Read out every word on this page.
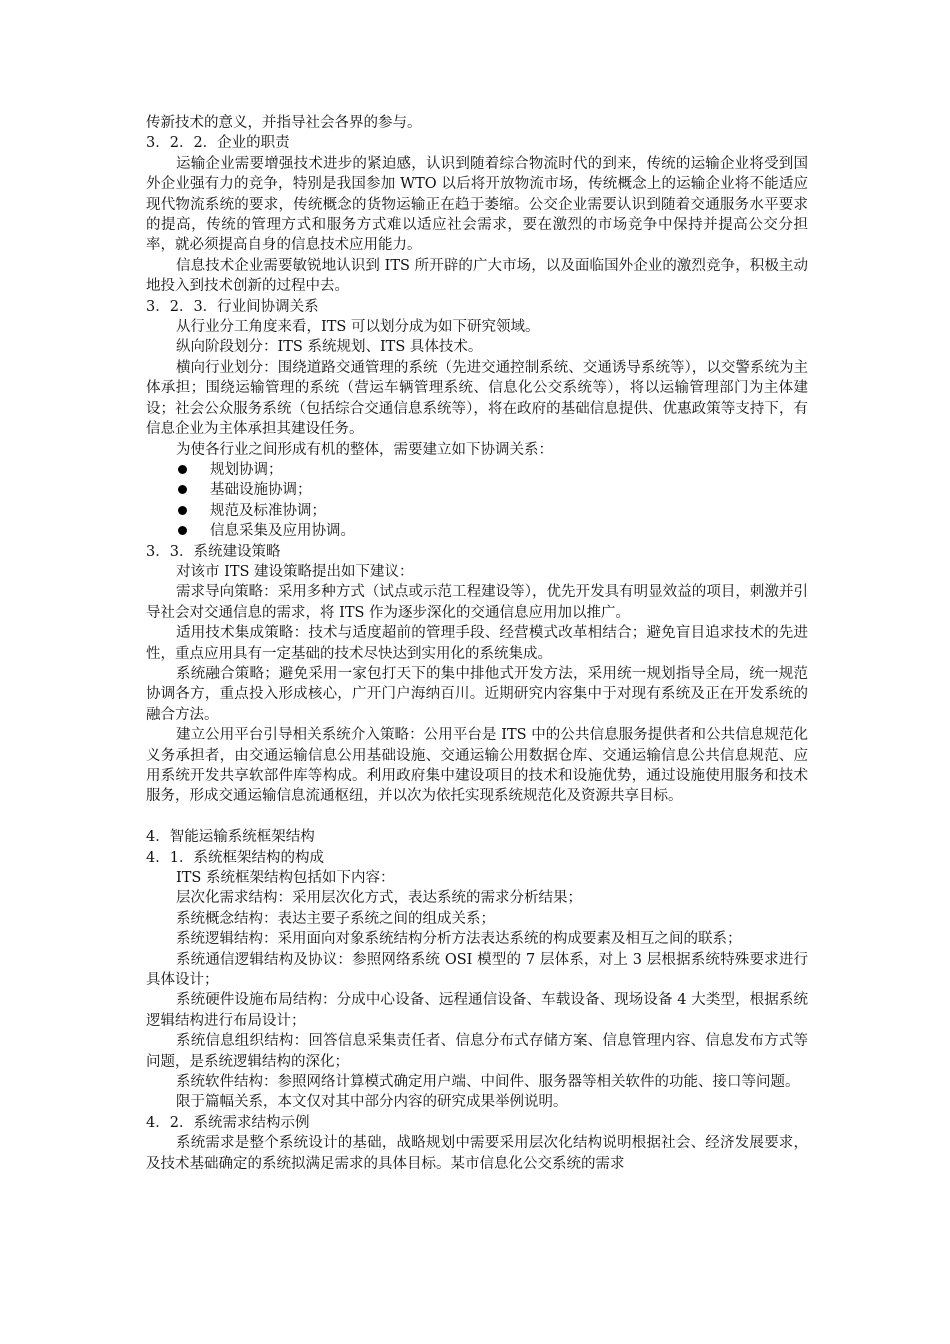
传新技术的意义，并指导社会各界的参与。

3．2．2．企业的职责

运输企业需要增强技术进步的紧迫感，认识到随着综合物流时代的到来，传统的运输企业将受到国外企业强有力的竞争，特别是我国参加 WTO 以后将开放物流市场，传统概念上的运输企业将不能适应现代物流系统的要求，传统概念的货物运输正在趋于萎缩。公交企业需要认识到随着交通服务水平要求的提高，传统的管理方式和服务方式难以适应社会需求，要在激烈的市场竞争中保持并提高公交分担率，就必须提高自身的信息技术应用能力。

信息技术企业需要敏锐地认识到 ITS 所开辟的广大市场，以及面临国外企业的激烈竞争，积极主动地投入到技术创新的过程中去。

3．2．3．行业间协调关系

从行业分工角度来看，ITS 可以划分成为如下研究领域。

纵向阶段划分：ITS 系统规划、ITS 具体技术。

横向行业划分：围绕道路交通管理的系统（先进交通控制系统、交通诱导系统等），以交警系统为主体承担；围绕运输管理的系统（营运车辆管理系统、信息化公交系统等），将以运输管理部门为主体建设；社会公众服务系统（包括综合交通信息系统等），将在政府的基础信息提供、优惠政策等支持下，有信息企业为主体承担其建设任务。

为使各行业之间形成有机的整体，需要建立如下协调关系：

规划协调；
基础设施协调；
规范及标准协调；
信息采集及应用协调。

3．3．系统建设策略

对该市 ITS 建设策略提出如下建议：

需求导向策略：采用多种方式（试点或示范工程建设等），优先开发具有明显效益的项目，刺激并引导社会对交通信息的需求，将 ITS 作为逐步深化的交通信息应用加以推广。

适用技术集成策略：技术与适度超前的管理手段、经营模式改革相结合；避免盲目追求技术的先进性，重点应用具有一定基础的技术尽快达到实用化的系统集成。

系统融合策略；避免采用一家包打天下的集中排他式开发方法，采用统一规划指导全局，统一规范协调各方，重点投入形成核心，广开门户海纳百川。近期研究内容集中于对现有系统及正在开发系统的融合方法。

建立公用平台引导相关系统介入策略：公用平台是 ITS 中的公共信息服务提供者和公共信息规范化义务承担者，由交通运输信息公用基础设施、交通运输公用数据仓库、交通运输信息公共信息规范、应用系统开发共享软部件库等构成。利用政府集中建设项目的技术和设施优势，通过设施使用服务和技术服务，形成交通运输信息流通枢纽，并以次为依托实现系统规范化及资源共享目标。

4．智能运输系统框架结构

4．1．系统框架结构的构成

ITS 系统框架结构包括如下内容：

层次化需求结构：采用层次化方式，表达系统的需求分析结果；

系统概念结构：表达主要子系统之间的组成关系；

系统逻辑结构：采用面向对象系统结构分析方法表达系统的构成要素及相互之间的联系；

系统通信逻辑结构及协议：参照网络系统 OSI 模型的 7 层体系，对上 3 层根据系统特殊要求进行具体设计；

系统硬件设施布局结构：分成中心设备、远程通信设备、车载设备、现场设备 4 大类型，根据系统逻辑结构进行布局设计；

系统信息组织结构：回答信息采集责任者、信息分布式存储方案、信息管理内容、信息发布方式等问题，是系统逻辑结构的深化；

系统软件结构：参照网络计算模式确定用户端、中间件、服务器等相关软件的功能、接口等问题。

限于篇幅关系，本文仅对其中部分内容的研究成果举例说明。

4．2．系统需求结构示例

系统需求是整个系统设计的基础，战略规划中需要采用层次化结构说明根据社会、经济发展要求，及技术基础确定的系统拟满足需求的具体目标。某市信息化公交系统的需求
